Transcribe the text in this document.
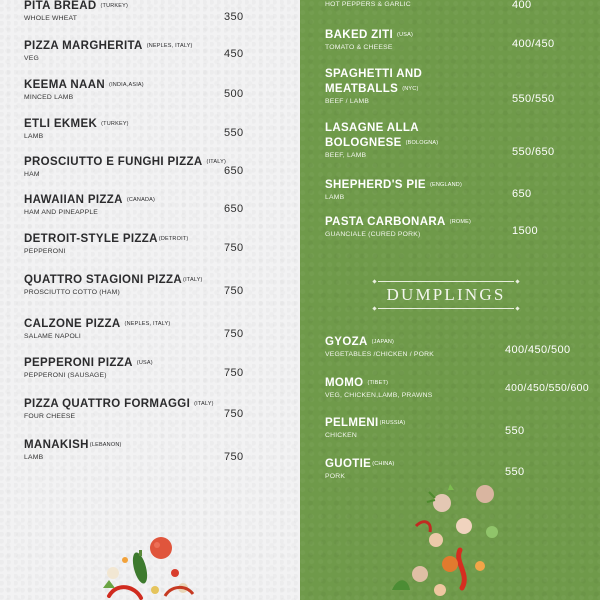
PITA BREAD (TURKEY)
WHOLE WHEAT	350
PIZZA MARGHERITA (NEPLES, ITALY)
VEG	450
KEEMA NAAN (INDIA,ASIA)
MINCED LAMB	500
ETLI EKMEK (TURKEY)
LAMB	550
PROSCIUTTO E FUNGHI PIZZA (ITALY)
HAM	650
HAWAIIAN PIZZA (CANADA)
HAM AND PINEAPPLE	650
DETROIT-STYLE PIZZA(DETROIT)
PEPPERONI	750
QUATTRO STAGIONI PIZZA(ITALY)
PROSCIUTTO COTTO (HAM)	750
CALZONE PIZZA (NEPLES, ITALY)
SALAME NAPOLI	750
PEPPERONI PIZZA (USA)
PEPPERONI (SAUSAGE)	750
PIZZA QUATTRO FORMAGGI (ITALY)
FOUR CHEESE	750
MANAKISH(LEBANON)
LAMB	750
HOT PEPPERS & GARLIC	400
BAKED ZITI (USA)
TOMATO & CHEESE	400/450
SPAGHETTI AND
MEATBALLS (NYC)
BEEF / LAMB	550/550
LASAGNE ALLA
BOLOGNESE (BOLOGNA)
BEEF, LAMB	550/650
SHEPHERD'S PIE (ENGLAND)
LAMB	650
PASTA CARBONARA (ROME)
GUANCIALE (CURED PORK)	1500
GYOZA (JAPAN)
VEGETABLES /CHICKEN / PORK	400/450/500
MOMO (TIBET)
VEG, CHICKEN,LAMB, PRAWNS
400/450/550/600
PELMENI(RUSSIA)
CHICKEN	550
GUOTIE(CHINA)
PORK	550
DUMPLINGS
